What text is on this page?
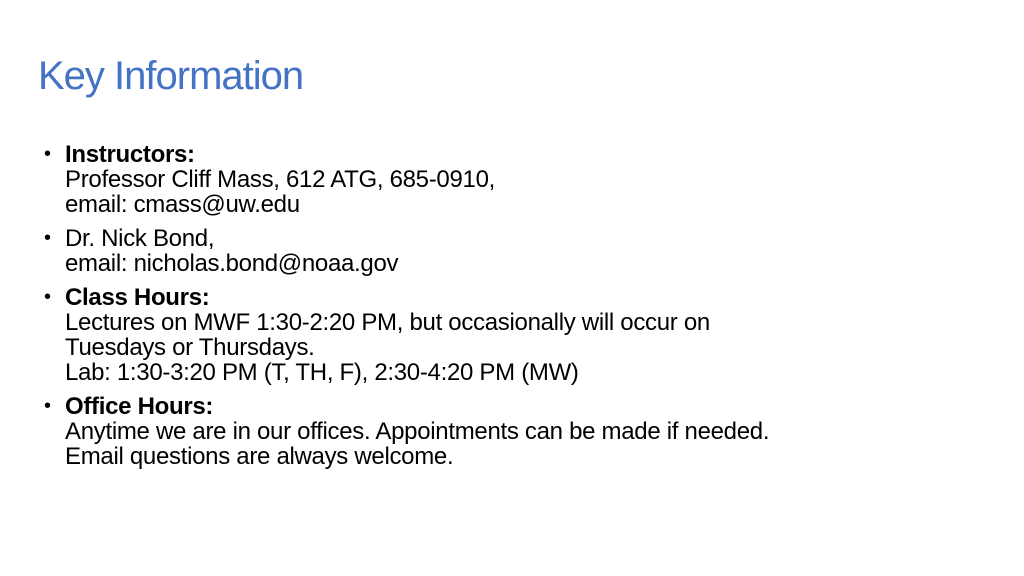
Key Information
• Instructors:
Professor Cliff Mass, 612 ATG, 685-0910,
email: cmass@uw.edu
• Dr. Nick Bond,
email: nicholas.bond@noaa.gov
• Class Hours:
Lectures on MWF 1:30-2:20 PM, but occasionally will occur on
Tuesdays or Thursdays.
Lab: 1:30-3:20 PM (T, TH, F), 2:30-4:20 PM (MW)
• Office Hours:
Anytime we are in our offices. Appointments can be made if needed.
Email questions are always welcome.
